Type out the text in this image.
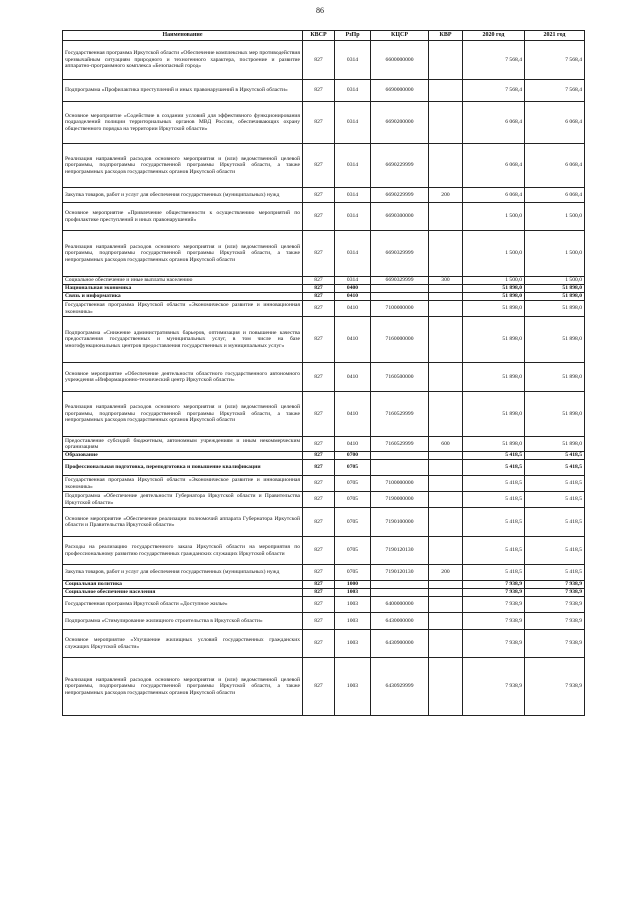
86
Наименование	КВСР	РзПр	КЦСР	КВР	2020 год	2021 год
Государственная программа Иркутской области «Обеспечение комплексных мер противодействия чрезвычайным ситуациям природного и техногенного характера, построение и развитие аппаратно-программного комплекса «Безопасный город»	827	0314	6600000000		7 568,4	7 568,4
Подпрограмма «Профилактика преступлений и иных правонарушений в Иркутской области»	827	0314	6690000000		7 568,4	7 568,4
Основное мероприятие «Содействие в создании условий для эффективного функционирования подразделений полиции территориальных органов МВД России, обеспечивающих охрану общественного порядка на территории Иркутской области»	827	0314	6690200000		6 068,4	6 068,4
Реализация направлений расходов основного мероприятия и (или) ведомственной целевой программы, подпрограммы государственной программы Иркутской области, а также непрограммных расходов государственных органов Иркутской области	827	0314	6690229999		6 068,4	6 068,4
Закупка товаров, работ и услуг для обеспечения государственных (муниципальных) нужд	827	0314	6690229999	200	6 068,4	6 068,4
Основное мероприятие «Привлечение общественности к осуществлению мероприятий по профилактике преступлений и иных правонарушений»	827	0314	6690300000		1 500,0	1 500,0
Реализация направлений расходов основного мероприятия и (или) ведомственной целевой программы, подпрограммы государственной программы Иркутской области, а также непрограммных расходов государственных органов Иркутской области	827	0314	6690329999		1 500,0	1 500,0
Социальное обеспечение и иные выплаты населению	827	0314	6690329999	300	1 500,0	1 500,0
Национальная экономика	827	0400			51 898,0	51 898,0
Связь и информатика	827	0410			51 898,0	51 898,0
Государственная программа Иркутской области «Экономическое развитие и инновационная экономика»	827	0410	7100000000		51 898,0	51 898,0
Подпрограмма «Снижение административных барьеров, оптимизация и повышение качества предоставления государственных и муниципальных услуг, в том числе на базе многофункциональных центров предоставления государственных и муниципальных услуг»	827	0410	7160000000		51 898,0	51 898,0
Основное мероприятие «Обеспечение деятельности областного государственного автономного учреждения «Информационно-технический центр Иркутской области»	827	0410	7160500000		51 898,0	51 898,0
Реализация направлений расходов основного мероприятия и (или) ведомственной целевой программы, подпрограммы государственной программы Иркутской области, а также непрограммных расходов государственных органов Иркутской области	827	0410	7160529999		51 898,0	51 898,0
Предоставление субсидий бюджетным, автономным учреждениям и иным некоммерческим организациям	827	0410	7160529999	600	51 898,0	51 898,0
Образование	827	0700			5 418,5	5 418,5
Профессиональная подготовка, переподготовка и повышение квалификации	827	0705			5 418,5	5 418,5
Государственная программа Иркутской области «Экономическое развитие и инновационная экономика»	827	0705	7100000000		5 418,5	5 418,5
Подпрограмма «Обеспечение деятельности Губернатора Иркутской области и Правительства Иркутской области»	827	0705	7190000000		5 418,5	5 418,5
Основное мероприятие «Обеспечение реализации полномочий аппарата Губернатора Иркутской области и Правительства Иркутской области»	827	0705	7190100000		5 418,5	5 418,5
Расходы на реализацию государственного заказа Иркутской области на мероприятия по профессиональному развитию государственных гражданских служащих Иркутской области	827	0705	7190120130		5 418,5	5 418,5
Закупка товаров, работ и услуг для обеспечения государственных (муниципальных) нужд	827	0705	7190120130	200	5 418,5	5 418,5
Социальная политика	827	1000			7 938,9	7 938,9
Социальное обеспечение населения	827	1003			7 938,9	7 938,9
Государственная программа Иркутской области «Доступное жилье»	827	1003	6400000000		7 938,9	7 938,9
Подпрограмма «Стимулирование жилищного строительства в Иркутской области»	827	1003	6430000000		7 938,9	7 938,9
Основное мероприятие «Улучшение жилищных условий государственных гражданских служащих Иркутской области»	827	1003	6430900000		7 938,9	7 938,9
Реализация направлений расходов основного мероприятия и (или) ведомственной целевой программы, подпрограммы государственной программы Иркутской области, а также непрограммных расходов государственных органов Иркутской области	827	1003	6430929999		7 938,9	7 938,9
